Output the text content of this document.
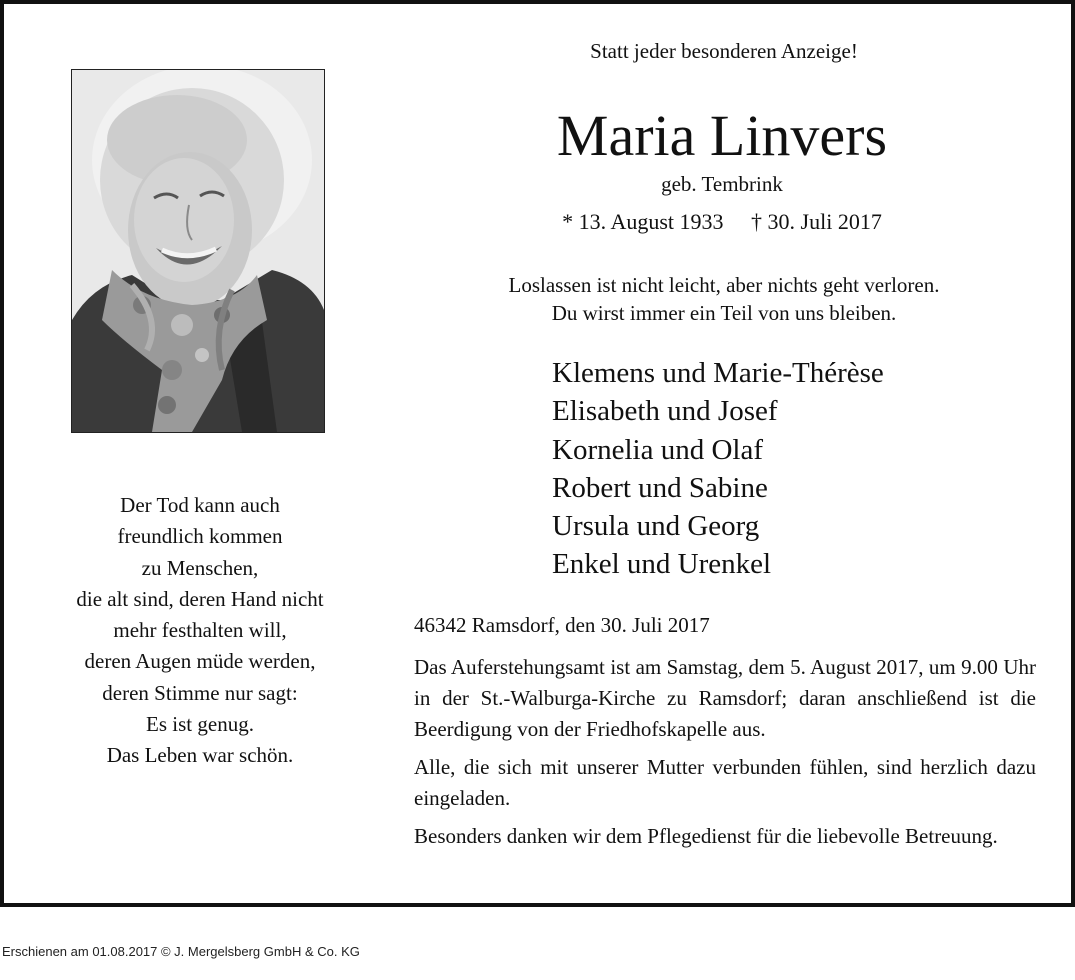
Der Tod kann auch
freundlich kommen
zu Menschen,
die alt sind, deren Hand nicht
mehr festhalten will,
deren Augen müde werden,
deren Stimme nur sagt:
Es ist genug.
Das Leben war schön.
Statt jeder besonderen Anzeige!
Maria Linvers
geb. Tembrink
* 13. August 1933 † 30. Juli 2017
Loslassen ist nicht leicht, aber nichts geht verloren.
Du wirst immer ein Teil von uns bleiben.
Klemens und Marie-Thérèse
Elisabeth und Josef
Kornelia und Olaf
Robert und Sabine
Ursula und Georg
Enkel und Urenkel
46342 Ramsdorf, den 30. Juli 2017
Das Auferstehungsamt ist am Samstag, dem 5. August 2017, um 9.00 Uhr in der St.-Walburga-Kirche zu Ramsdorf; daran anschließend ist die Beerdigung von der Friedhofskapelle aus.
Alle, die sich mit unserer Mutter verbunden fühlen, sind herzlich dazu eingeladen.
Besonders danken wir dem Pflegedienst für die liebevolle Betreuung.
Erschienen am 01.08.2017 © J. Mergelsberg GmbH & Co. KG
